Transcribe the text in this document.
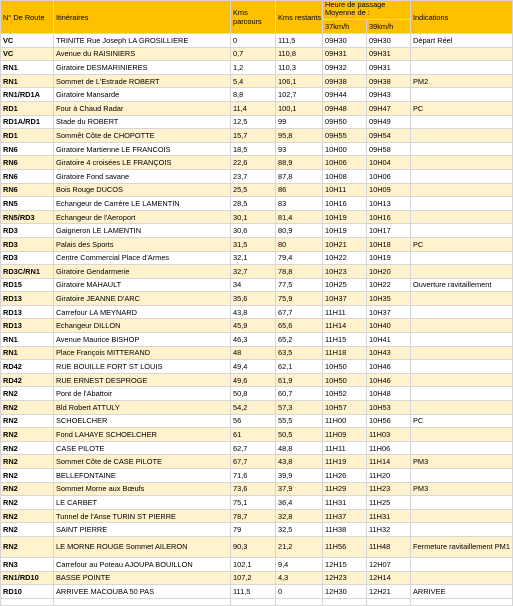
N° De Route	Itinéraires	Kms parcours	Kms restants	Heure de passage Moyenne de :		Indications
				37km/h	39km/h	
VC	TRINITE Rue Joseph LA GROSILLIERE	0	111,5	09H30	09H30	Départ Réel
VC	Avenue du RAISINIERS	0,7	110,8	09H31	09H31	
RN1	Giratoire DESMARINIERES	1,2	110,3	09H32	09H31	
RN1	Sommet de L'Estrade ROBERT	5,4	106,1	09H38	09H38	PM2
RN1/RD1A	Giratoire Mansarde	8,8	102,7	09H44	09H43	
RD1	Four à Chaud Radar	11,4	100,1	09H48	09H47	PC
RD1A/RD1	Stade du ROBERT	12,5	99	09H50	09H49	
RD1	Sommêt Côte de CHOPOTTE	15,7	95,8	09H55	09H54	
RN6	Giratoire Martienne LE FRANCOIS	18,5	93	10H00	09H58	
RN6	Giratoire 4 croisées LE FRANÇOIS	22,6	88,9	10H06	10H04	
RN6	Giratoire Fond savane	23,7	87,8	10H08	10H06	
RN6	Bois Rouge DUCOS	25,5	86	10H11	10H09	
RN5	Echangeur de Carrère LE LAMENTIN	28,5	83	10H16	10H13	
RN5/RD3	Echangeur de l'Aeroport	30,1	81,4	10H19	10H16	
RD3	Gaigneron LE LAMENTIN	30,6	80,9	10H19	10H17	
RD3	Palais des Sports	31,5	80	10H21	10H18	PC
RD3	Centre Commercial Place d'Armes	32,1	79,4	10H22	10H19	
RD3C/RN1	Giratoire Gendarmerie	32,7	78,8	10H23	10H20	
RD15	Giratoire MAHAULT	34	77,5	10H25	10H22	Ouverture ravitaillement
RD13	Giratoire JEANNE D'ARC	35,6	75,9	10H37	10H35	
RD13	Carrefour LA MEYNARD	43,8	67,7	11H11	10H37	
RD13	Echangeur DILLON	45,9	65,6	11H14	10H40	
RN1	Avenue Maurice BISHOP	46,3	65,2	11H15	10H41	
RN1	Place François MITTERAND	48	63,5	11H18	10H43	
RD42	RUE BOUILLE FORT ST LOUIS	49,4	62,1	10H50	10H46	
RD42	RUE ERNEST DESPROGE	49,6	61,9	10H50	10H46	
RN2	Pont de l'Abattoir	50,8	60,7	10H52	10H48	
RN2	Bld Robert ATTULY	54,2	57,3	10H57	10H53	
RN2	SCHOELCHER	56	55,5	11H00	10H56	PC
RN2	Fond LAHAYE SCHOELCHER	61	50,5	11H09	11H03	
RN2	CASE PILOTE	62,7	48,8	11H11	11H06	
RN2	Sommet Côte de CASE PILOTE	67,7	43,8	11H19	11H14	PM3
RN2	BELLEFONTAINE	71,6	39,9	11H26	11H20	
RN2	Sommet Morne aux Bœufs	73,6	37,9	11H29	11H23	PM3
RN2	LE CARBET	75,1	36,4	11H31	11H25	
RN2	Tunnel de l'Anse TURIN ST PIERRE	78,7	32,8	11H37	11H31	
RN2	SAINT PIERRE	79	32,5	11H38	11H32	
RN2	LE MORNE ROUGE Sommet AILERON	90,3	21,2	11H56	11H48	Fermeture ravitaillement PM1
RN3	Carrefour au Poteau AJOUPA BOUILLON	102,1	9,4	12H15	12H07	
RN1/RD10	BASSE POINTE	107,2	4,3	12H23	12H14	
RD10	ARRIVEE MACOUBA 50 PAS	111,5	0	12H30	12H21	ARRIVEE
